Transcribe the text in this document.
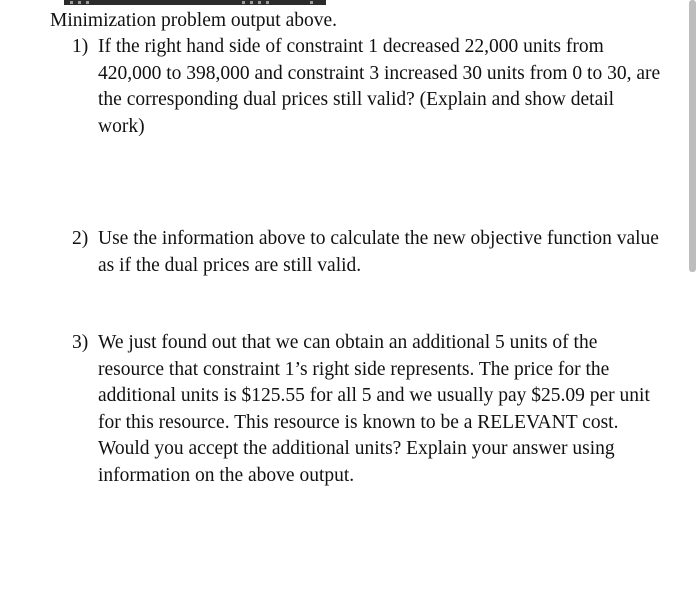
Minimization problem output above.

1) If the right hand side of constraint 1 decreased 22,000 units from 420,000 to 398,000 and constraint 3 increased 30 units from 0 to 30, are the corresponding dual prices still valid? (Explain and show detail work)

2) Use the information above to calculate the new objective function value as if the dual prices are still valid.

3) We just found out that we can obtain an additional 5 units of the resource that constraint 1’s right side represents. The price for the additional units is $125.55 for all 5 and we usually pay $25.09 per unit for this resource. This resource is known to be a RELEVANT cost. Would you accept the additional units? Explain your answer using information on the above output.
